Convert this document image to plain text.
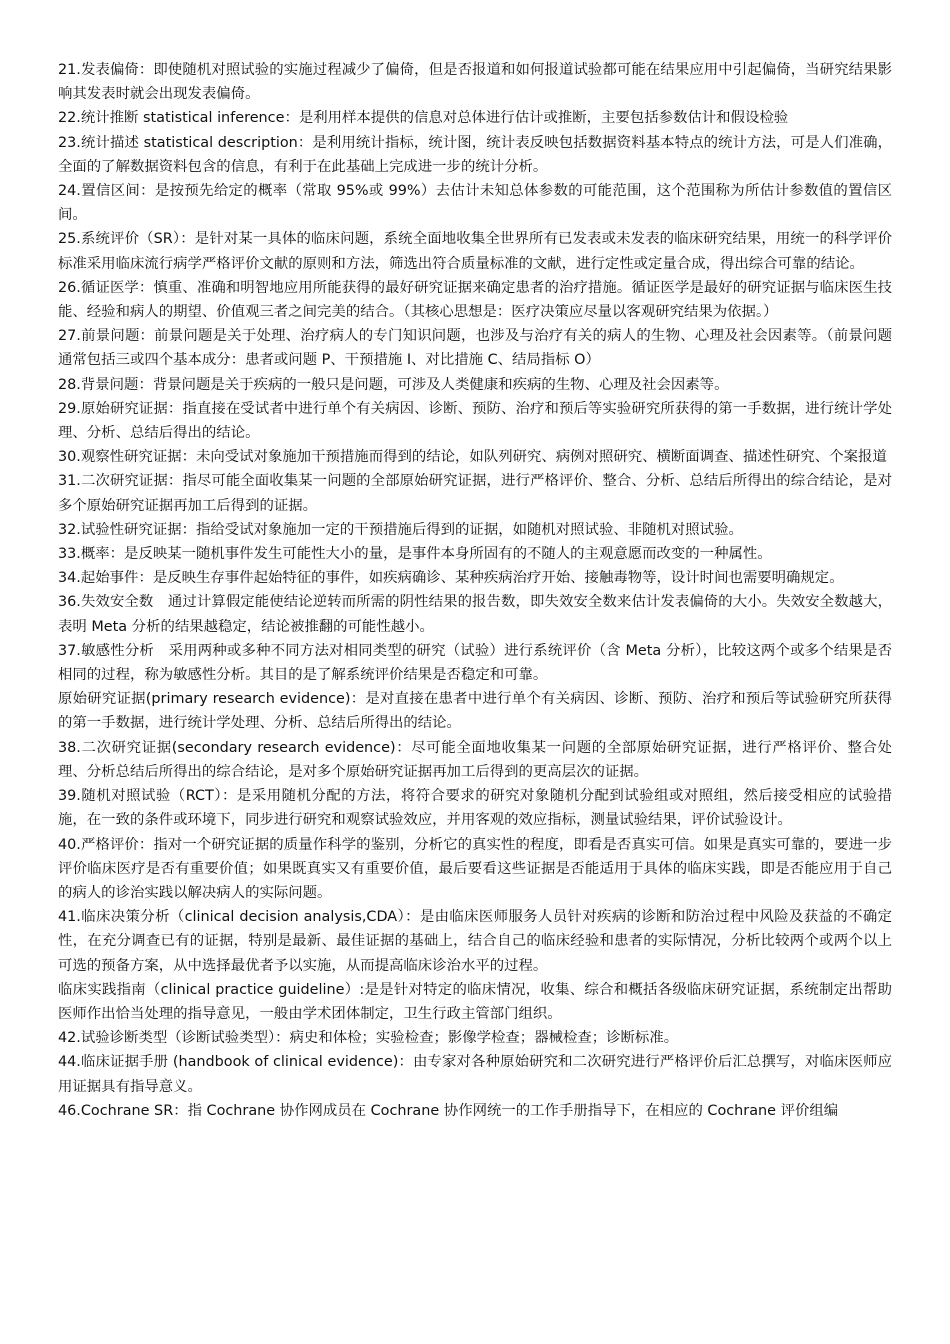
21.发表偏倚：即使随机对照试验的实施过程减少了偏倚，但是否报道和如何报道试验都可能在结果应用中引起偏倚，当研究结果影响其发表时就会出现发表偏倚。

22.统计推断 statistical inference：是利用样本提供的信息对总体进行估计或推断，主要包括参数估计和假设检验

23.统计描述 statistical description：是利用统计指标，统计图，统计表反映包括数据资料基本特点的统计方法，可是人们准确，全面的了解数据资料包含的信息，有利于在此基础上完成进一步的统计分析。

24.置信区间：是按预先给定的概率（常取 95%或 99%）去估计未知总体参数的可能范围，这个范围称为所估计参数值的置信区间。

25.系统评价（SR）：是针对某一具体的临床问题，系统全面地收集全世界所有已发表或未发表的临床研究结果，用统一的科学评价标准采用临床流行病学严格评价文献的原则和方法，筛选出符合质量标准的文献，进行定性或定量合成，得出综合可靠的结论。

26.循证医学：慎重、准确和明智地应用所能获得的最好研究证据来确定患者的治疗措施。循证医学是最好的研究证据与临床医生技能、经验和病人的期望、价值观三者之间完美的结合。（其核心思想是：医疗决策应尽量以客观研究结果为依据。）

27.前景问题：前景问题是关于处理、治疗病人的专门知识问题，也涉及与治疗有关的病人的生物、心理及社会因素等。（前景问题通常包括三或四个基本成分：患者或问题 P、干预措施 I、对比措施 C、结局指标 O）

28.背景问题：背景问题是关于疾病的一般只是问题，可涉及人类健康和疾病的生物、心理及社会因素等。

29.原始研究证据：指直接在受试者中进行单个有关病因、诊断、预防、治疗和预后等实验研究所获得的第一手数据，进行统计学处理、分析、总结后得出的结论。

30.观察性研究证据：未向受试对象施加干预措施而得到的结论，如队列研究、病例对照研究、横断面调查、描述性研究、个案报道

31.二次研究证据：指尽可能全面收集某一问题的全部原始研究证据，进行严格评价、整合、分析、总结后所得出的综合结论，是对多个原始研究证据再加工后得到的证据。

32.试验性研究证据：指给受试对象施加一定的干预措施后得到的证据，如随机对照试验、非随机对照试验。

33.概率：是反映某一随机事件发生可能性大小的量，是事件本身所固有的不随人的主观意愿而改变的一种属性。

34.起始事件：是反映生存事件起始特征的事件，如疾病确诊、某种疾病治疗开始、接触毒物等，设计时间也需要明确规定。

36.失效安全数　通过计算假定能使结论逆转而所需的阴性结果的报告数，即失效安全数来估计发表偏倚的大小。失效安全数越大，表明 Meta 分析的结果越稳定，结论被推翻的可能性越小。

37.敏感性分析　采用两种或多种不同方法对相同类型的研究（试验）进行系统评价（含 Meta 分析），比较这两个或多个结果是否相同的过程，称为敏感性分析。其目的是了解系统评价结果是否稳定和可靠。

原始研究证据(primary research evidence)：是对直接在患者中进行单个有关病因、诊断、预防、治疗和预后等试验研究所获得的第一手数据，进行统计学处理、分析、总结后所得出的结论。

38.二次研究证据(secondary research evidence)：尽可能全面地收集某一问题的全部原始研究证据，进行严格评价、整合处理、分析总结后所得出的综合结论，是对多个原始研究证据再加工后得到的更高层次的证据。

39.随机对照试验（RCT）：是采用随机分配的方法，将符合要求的研究对象随机分配到试验组或对照组，然后接受相应的试验措施，在一致的条件或环境下，同步进行研究和观察试验效应，并用客观的效应指标，测量试验结果，评价试验设计。

40.严格评价：指对一个研究证据的质量作科学的鉴别，分析它的真实性的程度，即看是否真实可信。如果是真实可靠的，要进一步评价临床医疗是否有重要价值；如果既真实又有重要价值，最后要看这些证据是否能适用于具体的临床实践，即是否能应用于自己的病人的诊治实践以解决病人的实际问题。

41.临床决策分析（clinical decision analysis,CDA）：是由临床医师服务人员针对疾病的诊断和防治过程中风险及获益的不确定性，在充分调查已有的证据，特别是最新、最佳证据的基础上，结合自己的临床经验和患者的实际情况，分析比较两个或两个以上可选的预备方案，从中选择最优者予以实施，从而提高临床诊治水平的过程。

临床实践指南（clinical practice guideline）:是是针对特定的临床情况，收集、综合和概括各级临床研究证据，系统制定出帮助医师作出恰当处理的指导意见，一般由学术团体制定，卫生行政主管部门组织。

42.试验诊断类型（诊断试验类型）：病史和体检；实验检查；影像学检查；器械检查；诊断标准。

44.临床证据手册 (handbook of clinical evidence)：由专家对各种原始研究和二次研究进行严格评价后汇总撰写，对临床医师应用证据具有指导意义。

46.Cochrane SR：指 Cochrane 协作网成员在 Cochrane 协作网统一的工作手册指导下，在相应的 Cochrane 评价组编
